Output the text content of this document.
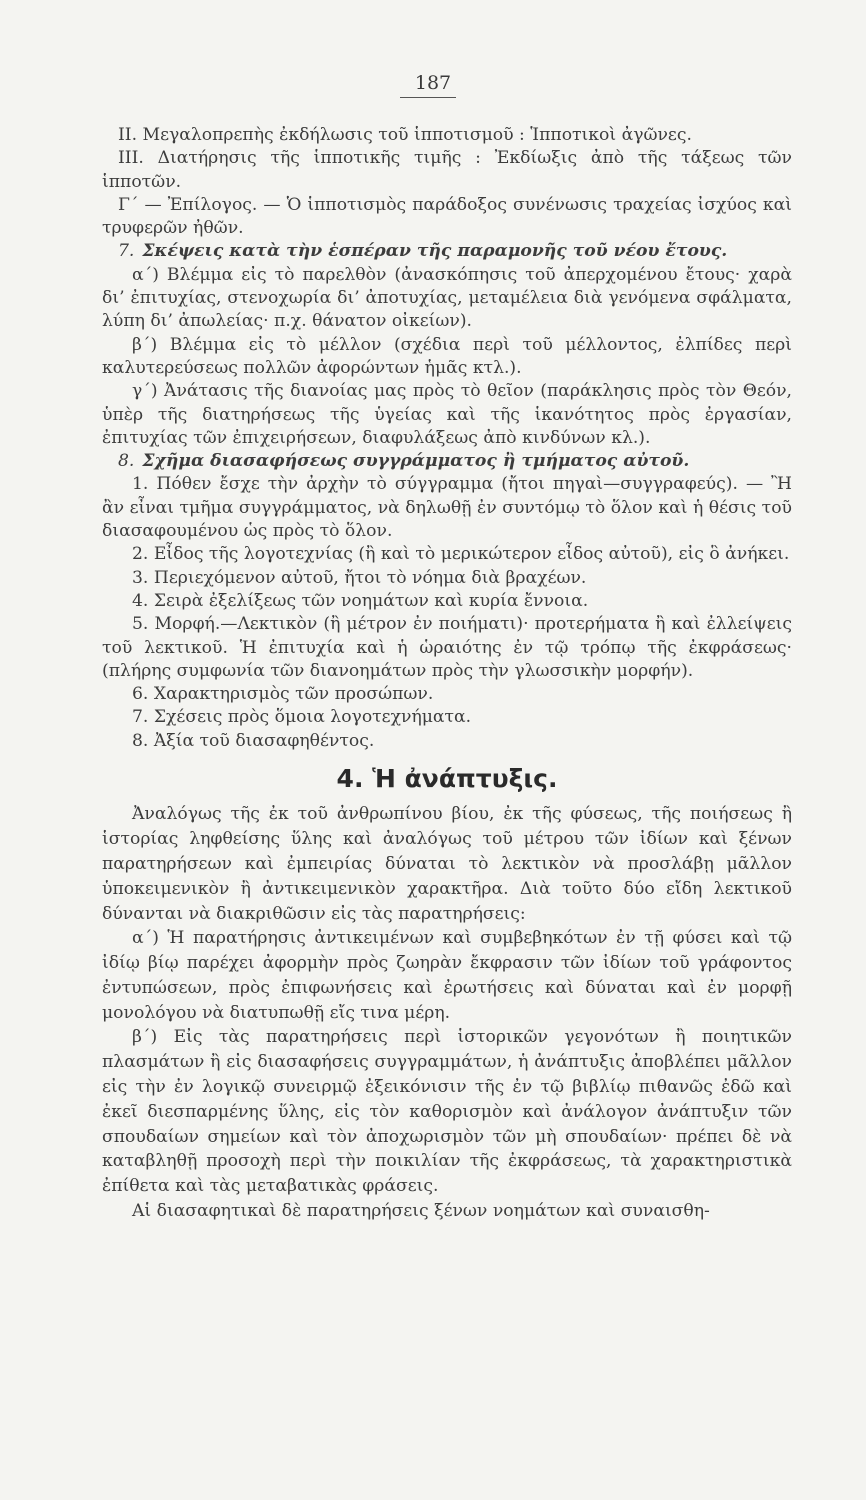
187

II. Μεγαλοπρεπὴς ἐκδήλωσις τοῦ ἱπποτισμοῦ : Ἱππотικοὶ ἀγῶνες.

III. Διατήρησις τῆς ἱπποτικῆς τιμῆς : Ἐκδίωξις ἀπὸ τῆς τάξεως τῶν ἱπποτῶν.

Γ΄ — Ἐπίλογος. — Ὁ ἱπποτισμὸς παράδοξος συνένωσις τραχείας ἰσχύος καὶ τρυφερῶν ἠθῶν.

7. Σκέψεις κατὰ τὴν ἑσπέραν τῆς παραμονῆς τοῦ νέου ἔτους.

α΄) Βλέμμα εἰς τὸ παρελθὸν (ἀνασκόπησις τοῦ ἀπερχομένου ἔτους· χαρὰ δι’ ἐπιτυχίας, στενοχωρία δι’ ἀποτυχίας, μεταμέλεια διὰ γενόμενα σφάλματα, λύπη δι’ ἀπωλείας· π.χ. θάνατον οἰκείων).

β΄) Βλέμμα εἰς τὸ μέλλον (σχέδια περὶ τοῦ μέλλοντος, ἐλπίδες περὶ καλυτερεύσεως πολλῶν ἀφορώντων ἡμᾶς κτλ.).

γ΄) Ἀνάτασις τῆς διανοίας μας πρὸς τὸ θεῖον (παράκλησις πρὸς τὸν Θεόν, ὑπὲρ τῆς διατηρήσεως τῆς ὑγείας καὶ τῆς ἱκανότητος πρὸς ἐργασίαν, ἐπιτυχίας τῶν ἐπιχειρήσεων, διαφυλάξεως ἀπὸ κινδύνων κλ.).

8. Σχῆμα διασαφήσεως συγγράμματος ἢ τμήματος αὐτοῦ.

1. Πόθεν ἔσχε τὴν ἀρχὴν τὸ σύγγραμμα (ἤτοι πηγαὶ—συγγραφεύς). — Ἢ ἂν εἶναι τμῆμα συγγράμματος, νὰ δηλωθῇ ἐν συντόμῳ τὸ ὅλον καὶ ἡ θέσις τοῦ διασαφουμένου ὡς πρὸς τὸ ὅλον.

2. Εἶδος τῆς λογοτεχνίας (ἢ καὶ τὸ μερικώτερον εἶδος αὐτοῦ), εἰς ὃ ἀνήκει.

3. Περιεχόμενον αὐτοῦ, ἤτοι τὸ νόημα διὰ βραχέων.

4. Σειρὰ ἐξελίξεως τῶν νοημάτων καὶ κυρία ἔννοια.

5. Μορφή.—Λεκτικὸν (ἢ μέτρον ἐν ποιήματι)· προτερήματα ἢ καὶ ἐλλείψεις τοῦ λεκτικοῦ. Ἡ ἐπιτυχία καὶ ἡ ὡραιότης ἐν τῷ τρόπῳ τῆς ἐκφράσεως· (πλήρης συμφωνία τῶν διανοημάτων πρὸς τὴν γλωσσικὴν μορφήν).

6. Χαρακτηρισμὸς τῶν προσώπων.

7. Σχέσεις πρὸς ὅμοια λογοτεχνήματα.

8. Ἀξία τοῦ διασαφηθέντος.

4. Ἡ ἀνάπτυξις.

Ἀναλόγως τῆς ἐκ τοῦ ἀνθρωπίνου βίου, ἐκ τῆς φύσεως, τῆς ποιήσεως ἢ ἱστορίας ληφθείσης ὕλης καὶ ἀναλόγως τοῦ μέτρου τῶν ἰδίων καὶ ξένων παρατηρήσεων καὶ ἐμπειρίας δύναται τὸ λεκτικὸν νὰ προσλάβῃ μᾶλλον ὑποκειμενικὸν ἢ ἀντικειμενικὸν χαρακτῆρα. Διὰ τοῦτο δύο εἴδη λεκτικοῦ δύνανται νὰ διακριθῶσιν εἰς τὰς παρατηρήσεις:

α΄) Ἡ παρατήρησις ἀντικειμένων καὶ συμβεβηκότων ἐν τῇ φύσει καὶ τῷ ἰδίῳ βίῳ παρέχει ἀφορμὴν πρὸς ζωηρὰν ἔκφρασιν τῶν ἰδίων τοῦ γράφοντος ἐντυπώσεων, πρὸς ἐπιφωνήσεις καὶ ἐρωτήσεις καὶ δύναται καὶ ἐν μορφῇ μονολόγου νὰ διατυπωθῇ εἴς τινα μέρη.

β΄) Εἰς τὰς παρατηρήσεις περὶ ἱστορικῶν γεγονότων ἢ ποιητικῶν πλασμάτων ἢ εἰς διασαφήσεις συγγραμμάτων, ἡ ἀνάπτυξις ἀποβλέπει μᾶλλον εἰς τὴν ἐν λογικῷ συνειρμῷ ἐξεικόνισιν τῆς ἐν τῷ βιβλίῳ πιθανῶς ἐδῶ καὶ ἐκεῖ διεσπαρμένης ὕλης, εἰς τὸν καθορισμὸν καὶ ἀνάλογον ἀνάπτυξιν τῶν σπουδαίων σημείων καὶ τὸν ἀποχωρισμὸν τῶν μὴ σπουδαίων· πρέπει δὲ νὰ καταβληθῇ προσοχὴ περὶ τὴν ποικιλίαν τῆς ἐκφράσεως, τὰ χαρακτηριστικὰ ἐπίθετα καὶ τὰς μεταβατικὰς φράσεις.

Αἱ διασαφητικαὶ δὲ παρατηρήσεις ξένων νοημάτων καὶ συναισθη-
